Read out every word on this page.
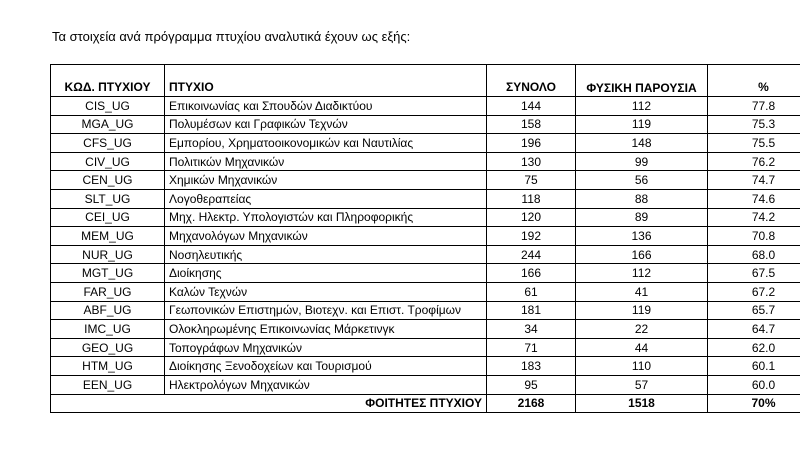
Τα στοιχεία ανά πρόγραμμα πτυχίου αναλυτικά έχουν ως εξής:
ΚΩΔ. ΠΤΥΧΙΟΥ	ΠΤΥΧΙΟ	ΣΥΝΟΛΟ	ΦΥΣΙΚΗ ΠΑΡΟΥΣΙΑ	%
CIS_UG	Επικοινωνίας και Σπουδών Διαδικτύου	144	112	77.8
MGA_UG	Πολυμέσων και Γραφικών Τεχνών	158	119	75.3
CFS_UG	Εμπορίου, Χρηματοοικονομικών και Ναυτιλίας	196	148	75.5
CIV_UG	Πολιτικών Μηχανικών	130	99	76.2
CEN_UG	Χημικών Μηχανικών	75	56	74.7
SLT_UG	Λογοθεραπείας	118	88	74.6
CEI_UG	Μηχ. Ηλεκτρ. Υπολογιστών και Πληροφορικής	120	89	74.2
MEM_UG	Μηχανολόγων Μηχανικών	192	136	70.8
NUR_UG	Νοσηλευτικής	244	166	68.0
MGT_UG	Διοίκησης	166	112	67.5
FAR_UG	Καλών Τεχνών	61	41	67.2
ABF_UG	Γεωπονικών Επιστημών, Βιοτεχν. και Επιστ. Τροφίμων	181	119	65.7
IMC_UG	Ολοκληρωμένης Επικοινωνίας Μάρκετινγκ	34	22	64.7
GEO_UG	Τοπογράφων Μηχανικών	71	44	62.0
HTM_UG	Διοίκησης Ξενοδοχείων και Τουρισμού	183	110	60.1
EEN_UG	Ηλεκτρολόγων Μηχανικών	95	57	60.0
ΦΟΙΤΗΤΕΣ ΠΤΥΧΙΟΥ		2168	1518	70%
